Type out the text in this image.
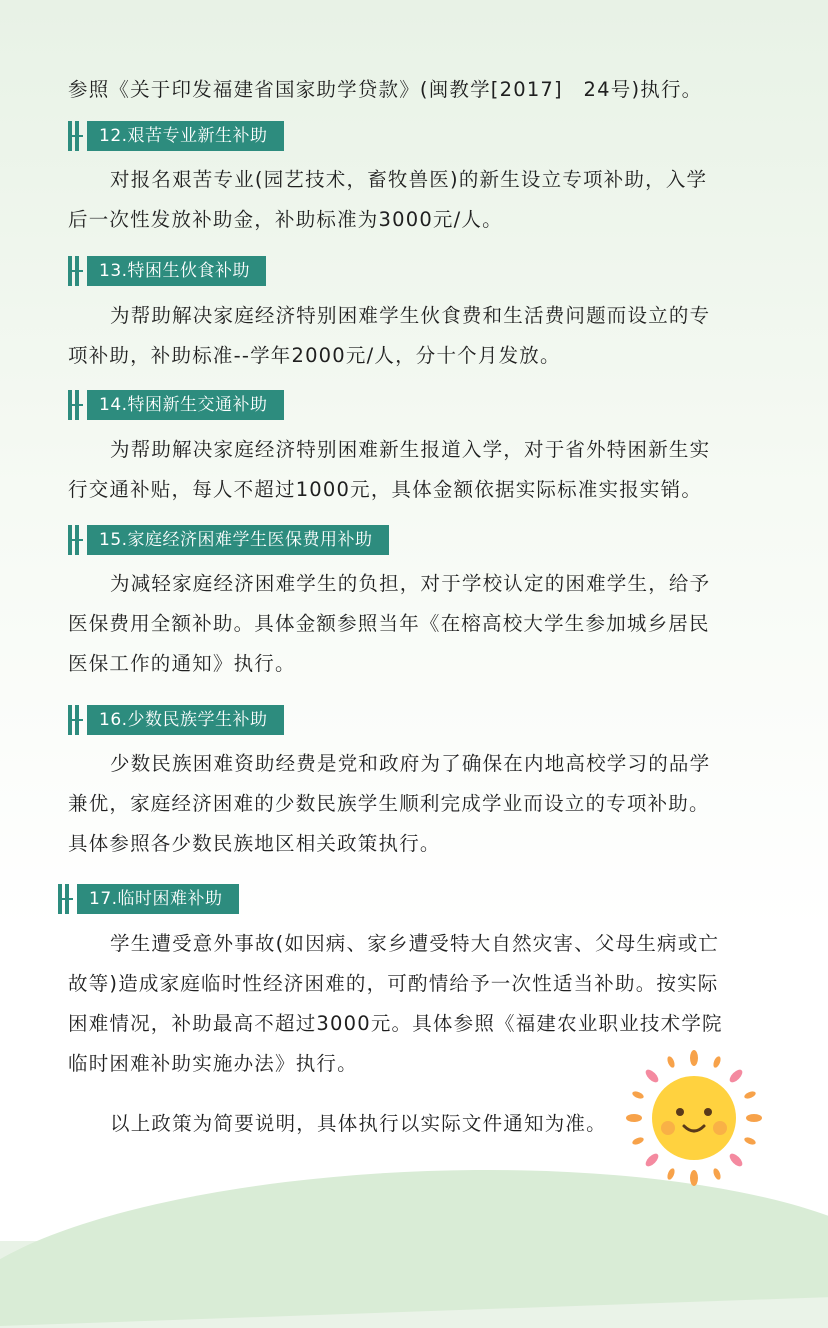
参照《关于印发福建省国家助学贷款》(闽教学[2017]　24号)执行。

12.艰苦专业新生补助

对报名艰苦专业(园艺技术，畜牧兽医)的新生设立专项补助，入学
后一次性发放补助金，补助标准为3000元/人。

13.特困生伙食补助

为帮助解决家庭经济特别困难学生伙食费和生活费问题而设立的专
项补助，补助标准--学年2000元/人，分十个月发放。

14.特困新生交通补助

为帮助解决家庭经济特别困难新生报道入学，对于省外特困新生实
行交通补贴，每人不超过1000元，具体金额依据实际标准实报实销。

15.家庭经济困难学生医保费用补助

为减轻家庭经济困难学生的负担，对于学校认定的困难学生，给予
医保费用全额补助。具体金额参照当年《在榕高校大学生参加城乡居民
医保工作的通知》执行。

16.少数民族学生补助

少数民族困难资助经费是党和政府为了确保在内地高校学习的品学
兼优，家庭经济困难的少数民族学生顺利完成学业而设立的专项补助。
具体参照各少数民族地区相关政策执行。

17.临时困难补助

学生遭受意外事故(如因病、家乡遭受特大自然灾害、父母生病或亡
故等)造成家庭临时性经济困难的，可酌情给予一次性适当补助。按实际
困难情况，补助最高不超过3000元。具体参照《福建农业职业技术学院
临时困难补助实施办法》执行。

以上政策为简要说明，具体执行以实际文件通知为准。
